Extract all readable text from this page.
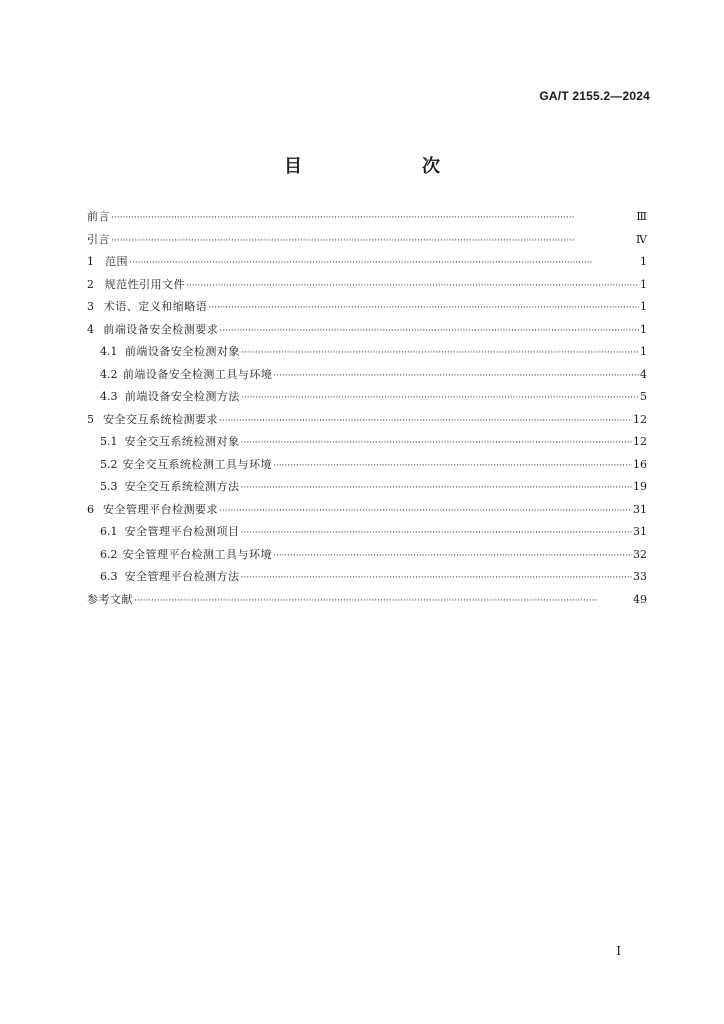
GA/T 2155.2—2024
目　　次
前言 ·····	Ⅲ
引言 ·····	Ⅳ
1	范围 ·····	1
2 规范性引用文件 ·····	1
3 术语、定义和缩略语 ·····	1
4 前端设备安全检测要求 ·····	1
4.1 前端设备安全检测对象 ·····	1
4.2 前端设备安全检测工具与环境 ·····	4
4.3 前端设备安全检测方法 ·····	5
5 安全交互系统检测要求 ·····	12
5.1 安全交互系统检测对象 ·····	12
5.2 安全交互系统检测工具与环境 ·····	16
5.3 安全交互系统检测方法 ·····	19
6 安全管理平台检测要求 ·····	31
6.1 安全管理平台检测项目 ·····	31
6.2 安全管理平台检测工具与环境 ·····	32
6.3 安全管理平台检测方法 ·····	33
参考文献 ·····	49
Ⅰ
